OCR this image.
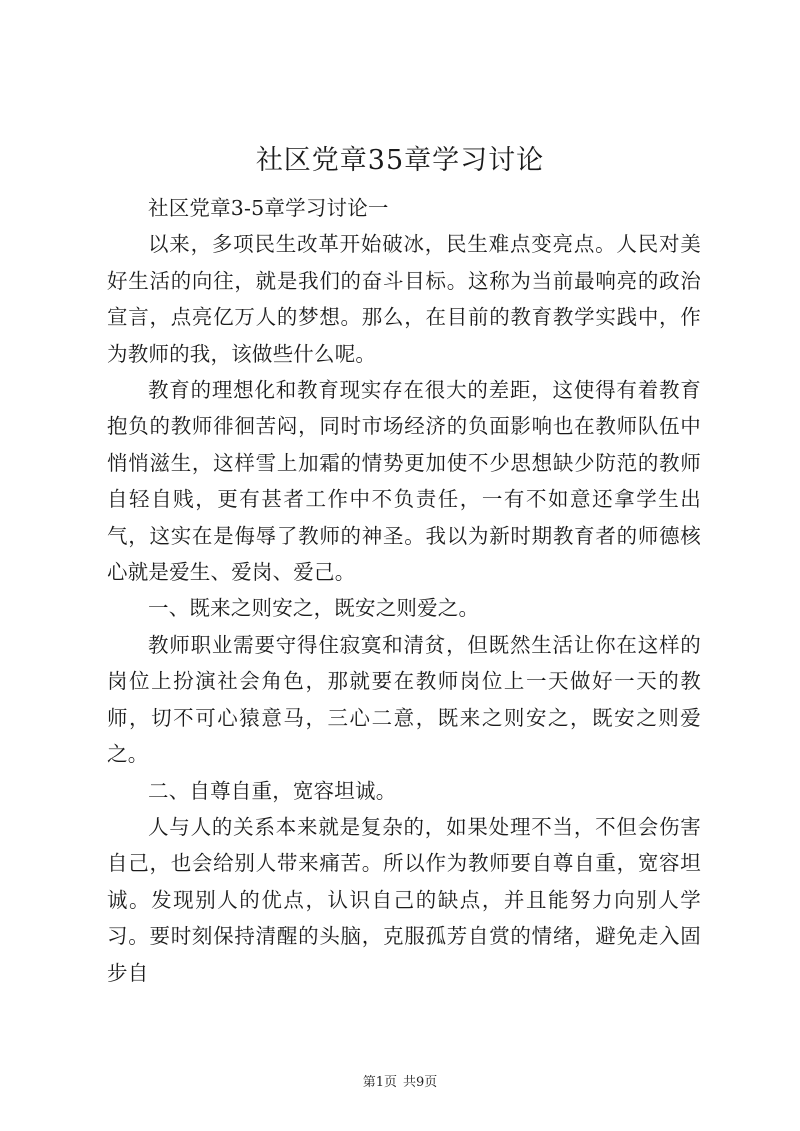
社区党章35章学习讨论

社区党章3-5章学习讨论一

以来，多项民生改革开始破冰，民生难点变亮点。人民对美好生活的向往，就是我们的奋斗目标。这称为当前最响亮的政治宣言，点亮亿万人的梦想。那么，在目前的教育教学实践中，作为教师的我，该做些什么呢。

教育的理想化和教育现实存在很大的差距，这使得有着教育抱负的教师徘徊苦闷，同时市场经济的负面影响也在教师队伍中悄悄滋生，这样雪上加霜的情势更加使不少思想缺少防范的教师自轻自贱，更有甚者工作中不负责任，一有不如意还拿学生出气，这实在是侮辱了教师的神圣。我以为新时期教育者的师德核心就是爱生、爱岗、爱己。

一、既来之则安之，既安之则爱之。

教师职业需要守得住寂寞和清贫，但既然生活让你在这样的岗位上扮演社会角色，那就要在教师岗位上一天做好一天的教师，切不可心猿意马，三心二意，既来之则安之，既安之则爱之。

二、自尊自重，宽容坦诚。

人与人的关系本来就是复杂的，如果处理不当，不但会伤害自己，也会给别人带来痛苦。所以作为教师要自尊自重，宽容坦诚。发现别人的优点，认识自己的缺点，并且能努力向别人学习。要时刻保持清醒的头脑，克服孤芳自赏的情绪，避免走入固步自

第1页 共9页
